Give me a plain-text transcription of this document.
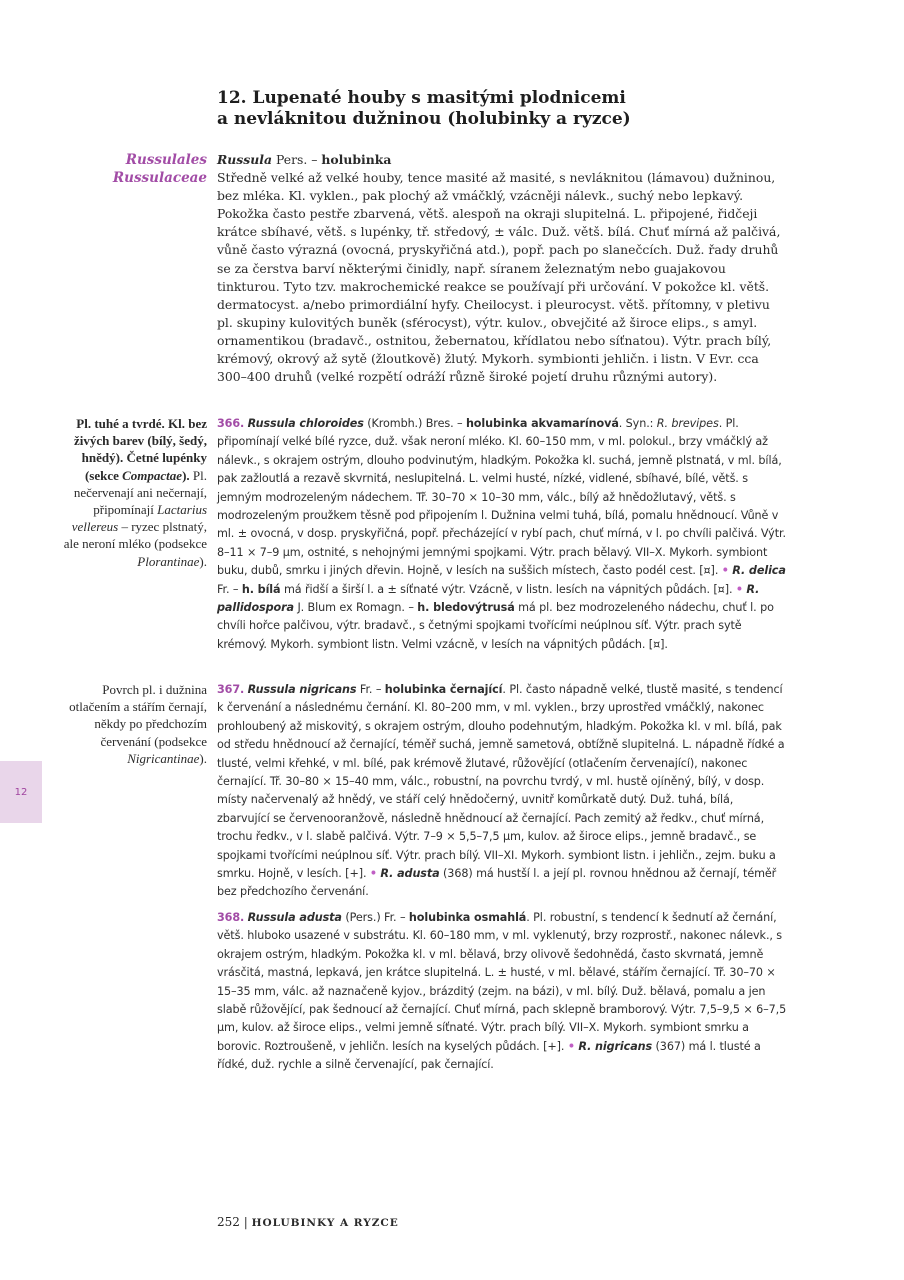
12
12. Lupenaté houby s masitými plodnicemi
a nevláknitou dužninou (holubinky a ryzce)
Russulales
Russulaceae
Russula Pers. – holubinka
Středně velké až velké houby, tence masité až masité, s nevláknitou (lámavou) dužninou, bez mléka. Kl. vyklen., pak plochý až vmáčklý, vzácněji nálevk., suchý nebo lepkavý. Pokožka často pestře zbarvená, větš. alespoň na okraji slupitelná. L. připojené, řidčeji krátce sbíhavé, větš. s lupénky, tř. středový, ± válc. Duž. větš. bílá. Chuť mírná až palčivá, vůně často výrazná (ovocná, pryskyřičná atd.), popř. pach po slanečcích. Duž. řady druhů se za čerstva barví některými činidly, např. síranem železnatým nebo guajakovou tinkturou. Tyto tzv. makrochemické reakce se používají při určování. V pokožce kl. větš. dermatocyst. a/nebo primordiální hyfy. Cheilocyst. i pleurocyst. větš. přítomny, v pletivu pl. skupiny kulovitých buněk (sférocyst), výtr. kulov., obvejčité až široce elips., s amyl. ornamentikou (bradavč., ostnitou, žebernatou, křídlatou nebo síťnatou). Výtr. prach bílý, krémový, okrový až sytě (žloutkově) žlutý. Mykorh. symbionti jehličn. i listn. V Evr. cca 300–400 druhů (velké rozpětí odráží různě široké pojetí druhu různými autory).
Pl. tuhé a tvrdé. Kl. bez živých barev (bílý, šedý, hnědý). Četné lupénky (sekce Compactae). Pl. nečervenají ani nečernají, připomínají Lactarius vellereus – ryzec plstnatý, ale neroní mléko (podsekce Plorantinae).
Povrch pl. i dužnina otlačením a stářím černají, někdy po předchozím červenání (podsekce Nigricantinae).
366. Russula chloroides (Krombh.) Bres. – holubinka akvamarínová. Syn.: R. brevipes. Pl. připomínají velké bílé ryzce, duž. však neroní mléko. Kl. 60–150 mm, v ml. polokul., brzy vmáčklý až nálevk., s okrajem ostrým, dlouho podvinutým, hladkým. Pokožka kl. suchá, jemně plstnatá, v ml. bílá, pak zažloutlá a rezavě skvrnitá, neslupitelná. L. velmi husté, nízké, vidlené, sbíhavé, bílé, větš. s jemným modrozeleným nádechem. Tř. 30–70 × 10–30 mm, válc., bílý až hnědožlutavý, větš. s modrozeleným proužkem těsně pod připojením l. Dužnina velmi tuhá, bílá, pomalu hnědnoucí. Vůně v ml. ± ovocná, v dosp. pryskyřičná, popř. přecházející v rybí pach, chuť mírná, v l. po chvíli palčivá. Výtr. 8–11 × 7–9 µm, ostnité, s nehojnými jemnými spojkami. Výtr. prach bělavý. VII–X. Mykorh. symbiont buku, dubů, smrku i jiných dřevin. Hojně, v lesích na suššich místech, často podél cest. [¤]. • R. delica Fr. – h. bílá má řidší a širší l. a ± síťnaté výtr. Vzácně, v listn. lesích na vápnitých půdách. [¤]. • R. pallidospora J. Blum ex Romagn. – h. bledovýtrusá má pl. bez modrozeleného nádechu, chuť l. po chvíli hořce palčivou, výtr. bradavč., s četnými spojkami tvořícími neúplnou síť. Výtr. prach sytě krémový. Mykorh. symbiont listn. Velmi vzácně, v lesích na vápnitých půdách. [¤].
367. Russula nigricans Fr. – holubinka černající. Pl. často nápadně velké, tlustě masité, s tendencí k červenání a následnému černání. Kl. 80–200 mm, v ml. vyklen., brzy uprostřed vmáčklý, nakonec prohloubený až miskovitý, s okrajem ostrým, dlouho podehnutým, hladkým. Pokožka kl. v ml. bílá, pak od středu hnědnoucí až černající, téměř suchá, jemně sametová, obtížně slupitelná. L. nápadně řídké a tlusté, velmi křehké, v ml. bílé, pak krémově žlutavé, růžovějící (otlačením červenající), nakonec černající. Tř. 30–80 × 15–40 mm, válc., robustní, na povrchu tvrdý, v ml. hustě ojíněný, bílý, v dosp. místy načervenalý až hnědý, ve stáří celý hnědočerný, uvnitř komůrkatě dutý. Duž. tuhá, bílá, zbarvující se červenooranžově, následně hnědnoucí až černající. Pach zemitý až ředkv., chuť mírná, trochu ředkv., v l. slabě palčivá. Výtr. 7–9 × 5,5–7,5 µm, kulov. až široce elips., jemně bradavč., se spojkami tvořícími neúplnou síť. Výtr. prach bílý. VII–XI. Mykorh. symbiont listn. i jehličn., zejm. buku a smrku. Hojně, v lesích. [+]. • R. adusta (368) má hustší l. a její pl. rovnou hnědnou až černají, téměř bez předchozího červenání.
368. Russula adusta (Pers.) Fr. – holubinka osmahlá. Pl. robustní, s tendencí k šednutí až černání, větš. hluboko usazené v substrátu. Kl. 60–180 mm, v ml. vyklenutý, brzy rozprostř., nakonec nálevk., s okrajem ostrým, hladkým. Pokožka kl. v ml. bělavá, brzy olivově šedohnědá, často skvrnatá, jemně vrásčitá, mastná, lepkavá, jen krátce slupitelná. L. ± husté, v ml. bělavé, stářím černající. Tř. 30–70 × 15–35 mm, válc. až naznačeně kyjov., brázditý (zejm. na bázi), v ml. bílý. Duž. bělavá, pomalu a jen slabě růžovějící, pak šednoucí až černající. Chuť mírná, pach sklepně bramborový. Výtr. 7,5–9,5 × 6–7,5 µm, kulov. až široce elips., velmi jemně síťnaté. Výtr. prach bílý. VII–X. Mykorh. symbiont smrku a borovic. Roztroušeně, v jehličn. lesích na kyselých půdách. [+]. • R. nigricans (367) má l. tlusté a řídké, duž. rychle a silně červenající, pak černající.
252 | HOLUBINKY A RYZCE
